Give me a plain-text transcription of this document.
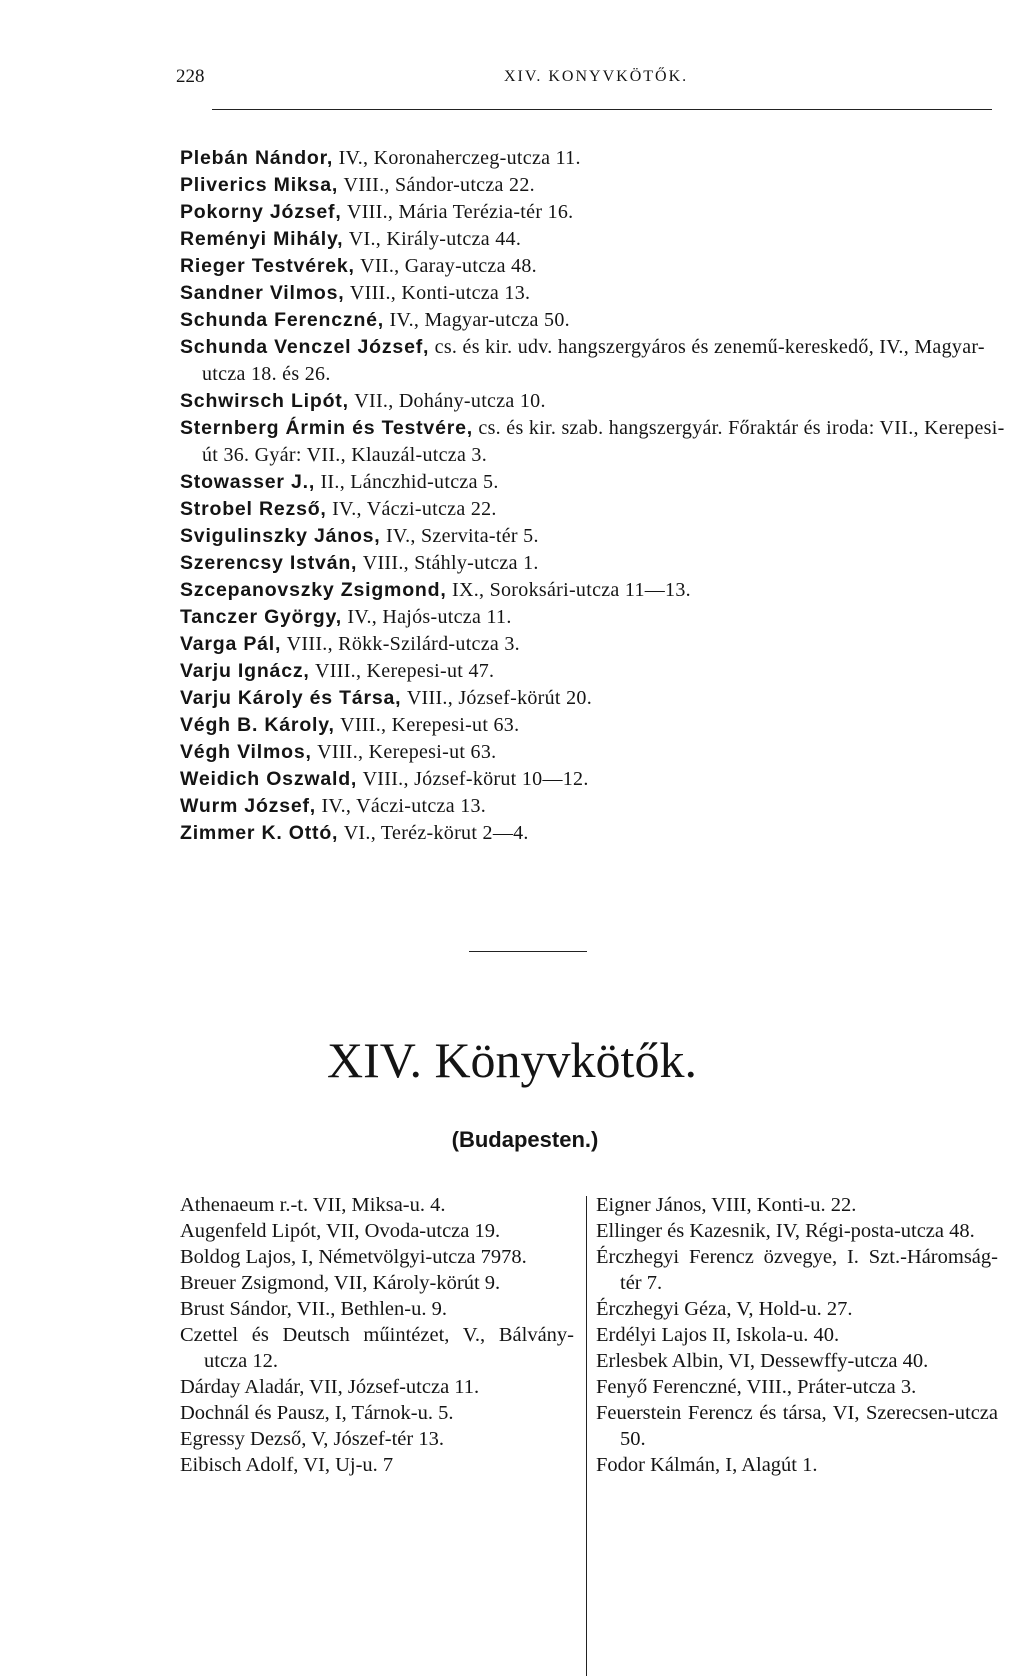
228	XIV. KONYVKÖTŐK.
Plebán Nándor, IV., Koronaherczeg-utcza 11.
Pliverics Miksa, VIII., Sándor-utcza 22.
Pokorny József, VIII., Mária Terézia-tér 16.
Reményi Mihály, VI., Király-utcza 44.
Rieger Testvérek, VII., Garay-utcza 48.
Sandner Vilmos, VIII., Konti-utcza 13.
Schunda Ferenczné, IV., Magyar-utcza 50.
Schunda Venczel József, cs. és kir. udv. hangszergyáros és zenemű-kereskedő, IV., Magyar-utcza 18. és 26.
Schwirsch Lipót, VII., Dohány-utcza 10.
Sternberg Ármin és Testvére, cs. és kir. szab. hangszergyár. Főraktár és iroda: VII., Kerepesi-út 36. Gyár: VII., Klauzál-utcza 3.
Stowasser J., II., Lánczhid-utcza 5.
Strobel Rezső, IV., Váczi-utcza 22.
Svigulinszky János, IV., Szervita-tér 5.
Szerencsy István, VIII., Stáhly-utcza 1.
Szcepanovszky Zsigmond, IX., Soroksári-utcza 11—13.
Tanczer György, IV., Hajós-utcza 11.
Varga Pál, VIII., Rökk-Szilárd-utcza 3.
Varju Ignácz, VIII., Kerepesi-ut 47.
Varju Károly és Társa, VIII., József-körút 20.
Végh B. Károly, VIII., Kerepesi-ut 63.
Végh Vilmos, VIII., Kerepesi-ut 63.
Weidich Oszwald, VIII., József-körut 10—12.
Wurm József, IV., Váczi-utcza 13.
Zimmer K. Ottó, VI., Teréz-körut 2—4.
XIV. Könyvkötők.
(Budapesten.)
Athenaeum r.-t. VII, Miksa-u. 4.
Augenfeld Lipót, VII, Ovoda-utcza 19.
Boldog Lajos, I, Németvölgyi-utcza 7978.
Breuer Zsigmond, VII, Károly-körút 9.
Brust Sándor, VII., Bethlen-u. 9.
Czettel és Deutsch műintézet, V., Bálvány-utcza 12.
Dárday Aladár, VII, József-utcza 11.
Dochnál és Pausz, I, Tárnok-u. 5.
Egressy Dezső, V, Jószef-tér 13.
Eibisch Adolf, VI, Uj-u. 7
Eigner János, VIII, Konti-u. 22.
Ellinger és Kazesnik, IV, Régi-posta-utcza 48.
Érczhegyi Ferencz özvegye, I. Szt.-Háromság-tér 7.
Érczhegyi Géza, V, Hold-u. 27.
Erdélyi Lajos II, Iskola-u. 40.
Erlesbek Albin, VI, Dessewffy-utcza 40.
Fenyő Ferenczné, VIII., Práter-utcza 3.
Feuerstein Ferencz és társa, VI, Szerecsen-utcza 50.
Fodor Kálmán, I, Alagút 1.
